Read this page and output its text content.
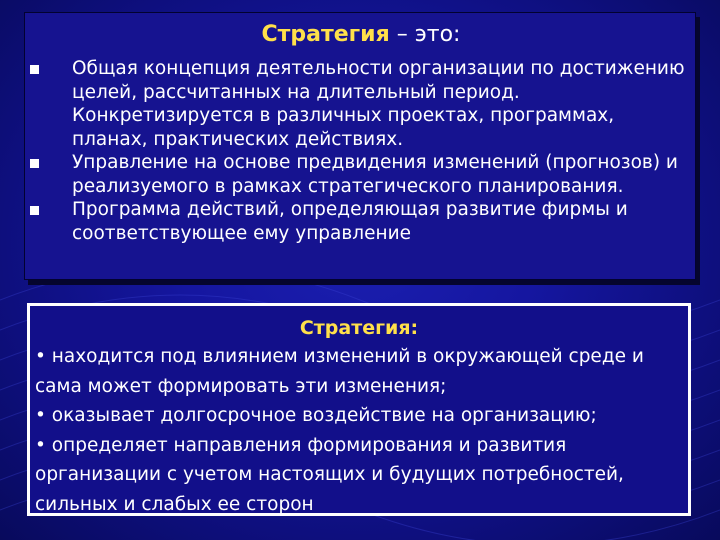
Стратегия – это:
Общая концепция деятельности организации по достижению целей, рассчитанных на длительный период. Конкретизируется в различных проектах, программах, планах, практических действиях.
Управление на основе предвидения изменений (прогнозов) и реализуемого в рамках стратегического планирования.
Программа действий, определяющая развитие фирмы и соответствующее ему управление
Стратегия:

• находится под влиянием изменений в окружающей среде и сама может формировать эти изменения;

• оказывает долгосрочное воздействие на организацию;

• определяет направления формирования и развития организации с учетом настоящих и будущих потребностей, сильных и слабых ее сторон
